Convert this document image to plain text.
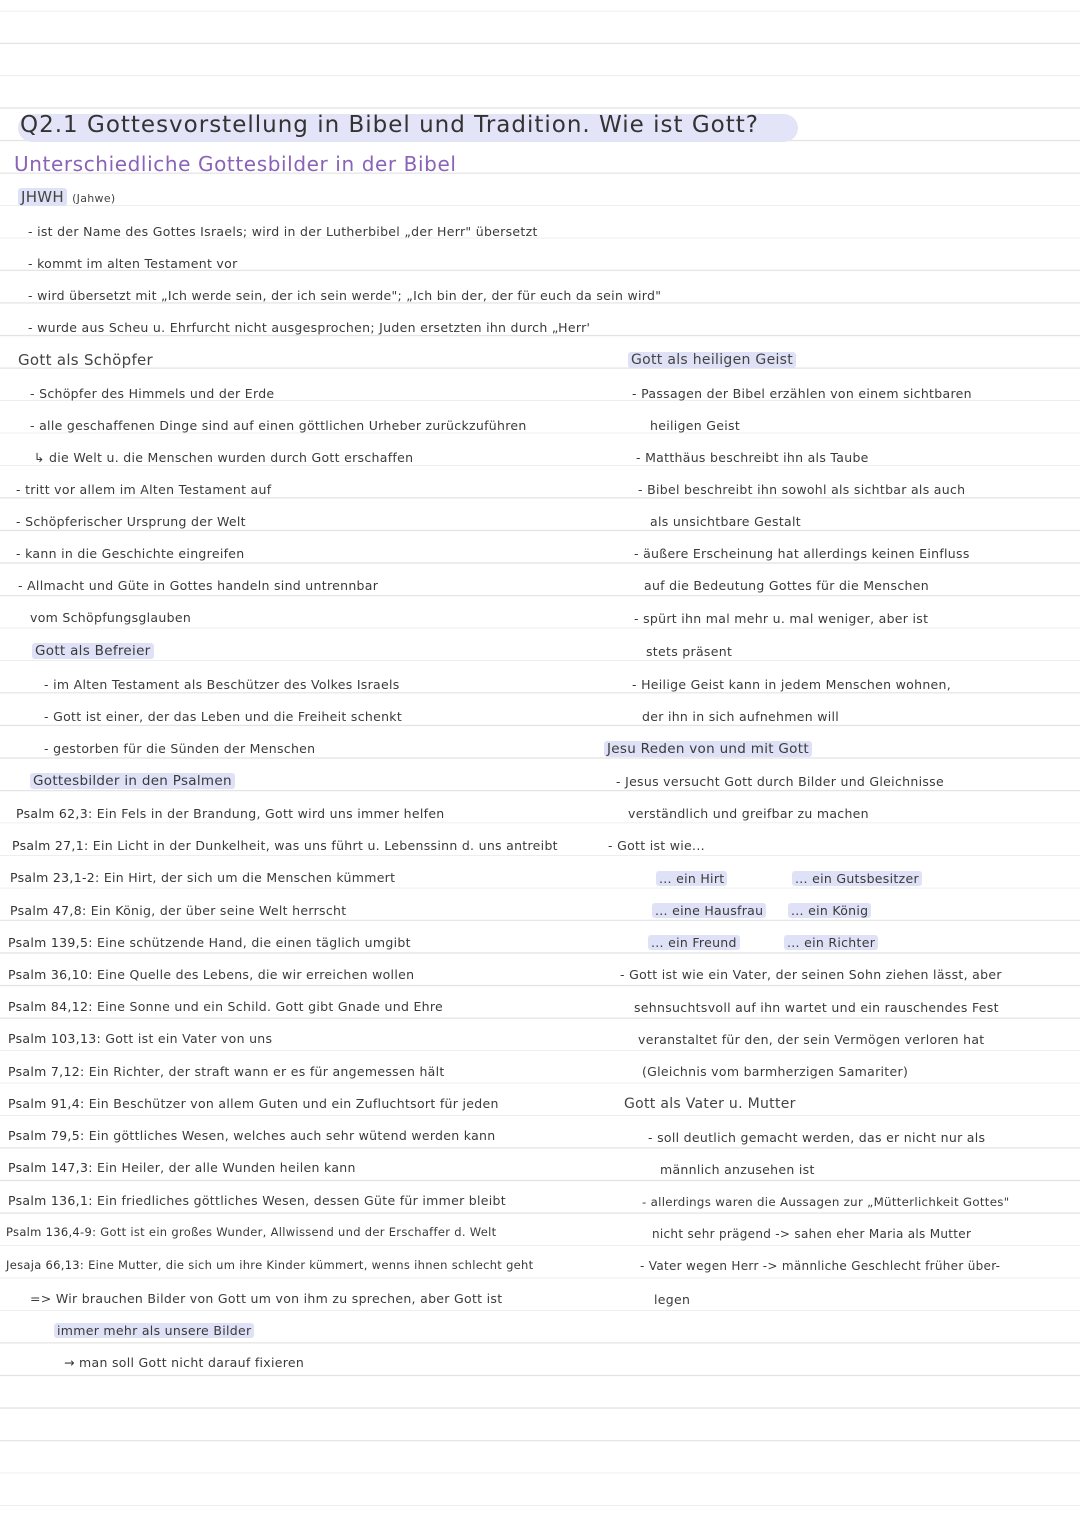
Q2.1 Gottesvorstellung in Bibel und Tradition. Wie ist Gott?
Unterschiedliche Gottesbilder in der Bibel
JHWH (Jahwe)
- ist der Name des Gottes Israels; wird in der Lutherbibel „der Herr" übersetzt
- kommt im alten Testament vor
- wird übersetzt mit „Ich werde sein, der ich sein werde"; „Ich bin der, der für euch da sein wird"
- wurde aus Scheu u. Ehrfurcht nicht ausgesprochen; Juden ersetzten ihn durch „Herr'
Gott als Schöpfer
- Schöpfer des Himmels und der Erde
- alle geschaffenen Dinge sind auf einen göttlichen Urheber zurückzuführen
↳ die Welt u. die Menschen wurden durch Gott erschaffen
- tritt vor allem im Alten Testament auf
- Schöpferischer Ursprung der Welt
- kann in die Geschichte eingreifen
- Allmacht und Güte in Gottes handeln sind untrennbar
vom Schöpfungsglauben
Gott als Befreier
- im Alten Testament als Beschützer des Volkes Israels
- Gott ist einer, der das Leben und die Freiheit schenkt
- gestorben für die Sünden der Menschen
Gottesbilder in den Psalmen
Psalm 62,3: Ein Fels in der Brandung, Gott wird uns immer helfen
Psalm 27,1: Ein Licht in der Dunkelheit, was uns führt u. Lebenssinn d. uns antreibt
Psalm 23,1-2: Ein Hirt, der sich um die Menschen kümmert
Psalm 47,8: Ein König, der über seine Welt herrscht
Psalm 139,5: Eine schützende Hand, die einen täglich umgibt
Psalm 36,10: Eine Quelle des Lebens, die wir erreichen wollen
Psalm 84,12: Eine Sonne und ein Schild. Gott gibt Gnade und Ehre
Psalm 103,13: Gott ist ein Vater von uns
Psalm 7,12: Ein Richter, der straft wann er es für angemessen hält
Psalm 91,4: Ein Beschützer von allem Guten und ein Zufluchtsort für jeden
Psalm 79,5: Ein göttliches Wesen, welches auch sehr wütend werden kann
Psalm 147,3: Ein Heiler, der alle Wunden heilen kann
Psalm 136,1: Ein friedliches göttliches Wesen, dessen Güte für immer bleibt
Psalm 136,4-9: Gott ist ein großes Wunder, Allwissend und der Erschaffer d. Welt
Jesaja 66,13: Eine Mutter, die sich um ihre Kinder kümmert, wenns ihnen schlecht geht
=> Wir brauchen Bilder von Gott um von ihm zu sprechen, aber Gott ist
immer mehr als unsere Bilder
→ man soll Gott nicht darauf fixieren
Gott als heiligen Geist
- Passagen der Bibel erzählen von einem sichtbaren
heiligen Geist
- Matthäus beschreibt ihn als Taube
- Bibel beschreibt ihn sowohl als sichtbar als auch
als unsichtbare Gestalt
- äußere Erscheinung hat allerdings keinen Einfluss
auf die Bedeutung Gottes für die Menschen
- spürt ihn mal mehr u. mal weniger, aber ist
stets präsent
- Heilige Geist kann in jedem Menschen wohnen,
der ihn in sich aufnehmen will
Jesu Reden von und mit Gott
- Jesus versucht Gott durch Bilder und Gleichnisse
verständlich und greifbar zu machen
- Gott ist wie...
... ein Hirt
... eine Hausfrau
... ein Freund
... ein Gutsbesitzer
... ein König
... ein Richter
- Gott ist wie ein Vater, der seinen Sohn ziehen lässt, aber
sehnsuchtsvoll auf ihn wartet und ein rauschendes Fest
veranstaltet für den, der sein Vermögen verloren hat
(Gleichnis vom barmherzigen Samariter)
Gott als Vater u. Mutter
- soll deutlich gemacht werden, das er nicht nur als
männlich anzusehen ist
- allerdings waren die Aussagen zur „Mütterlichkeit Gottes"
nicht sehr prägend -> sahen eher Maria als Mutter
- Vater wegen Herr -> männliche Geschlecht früher über-
legen
